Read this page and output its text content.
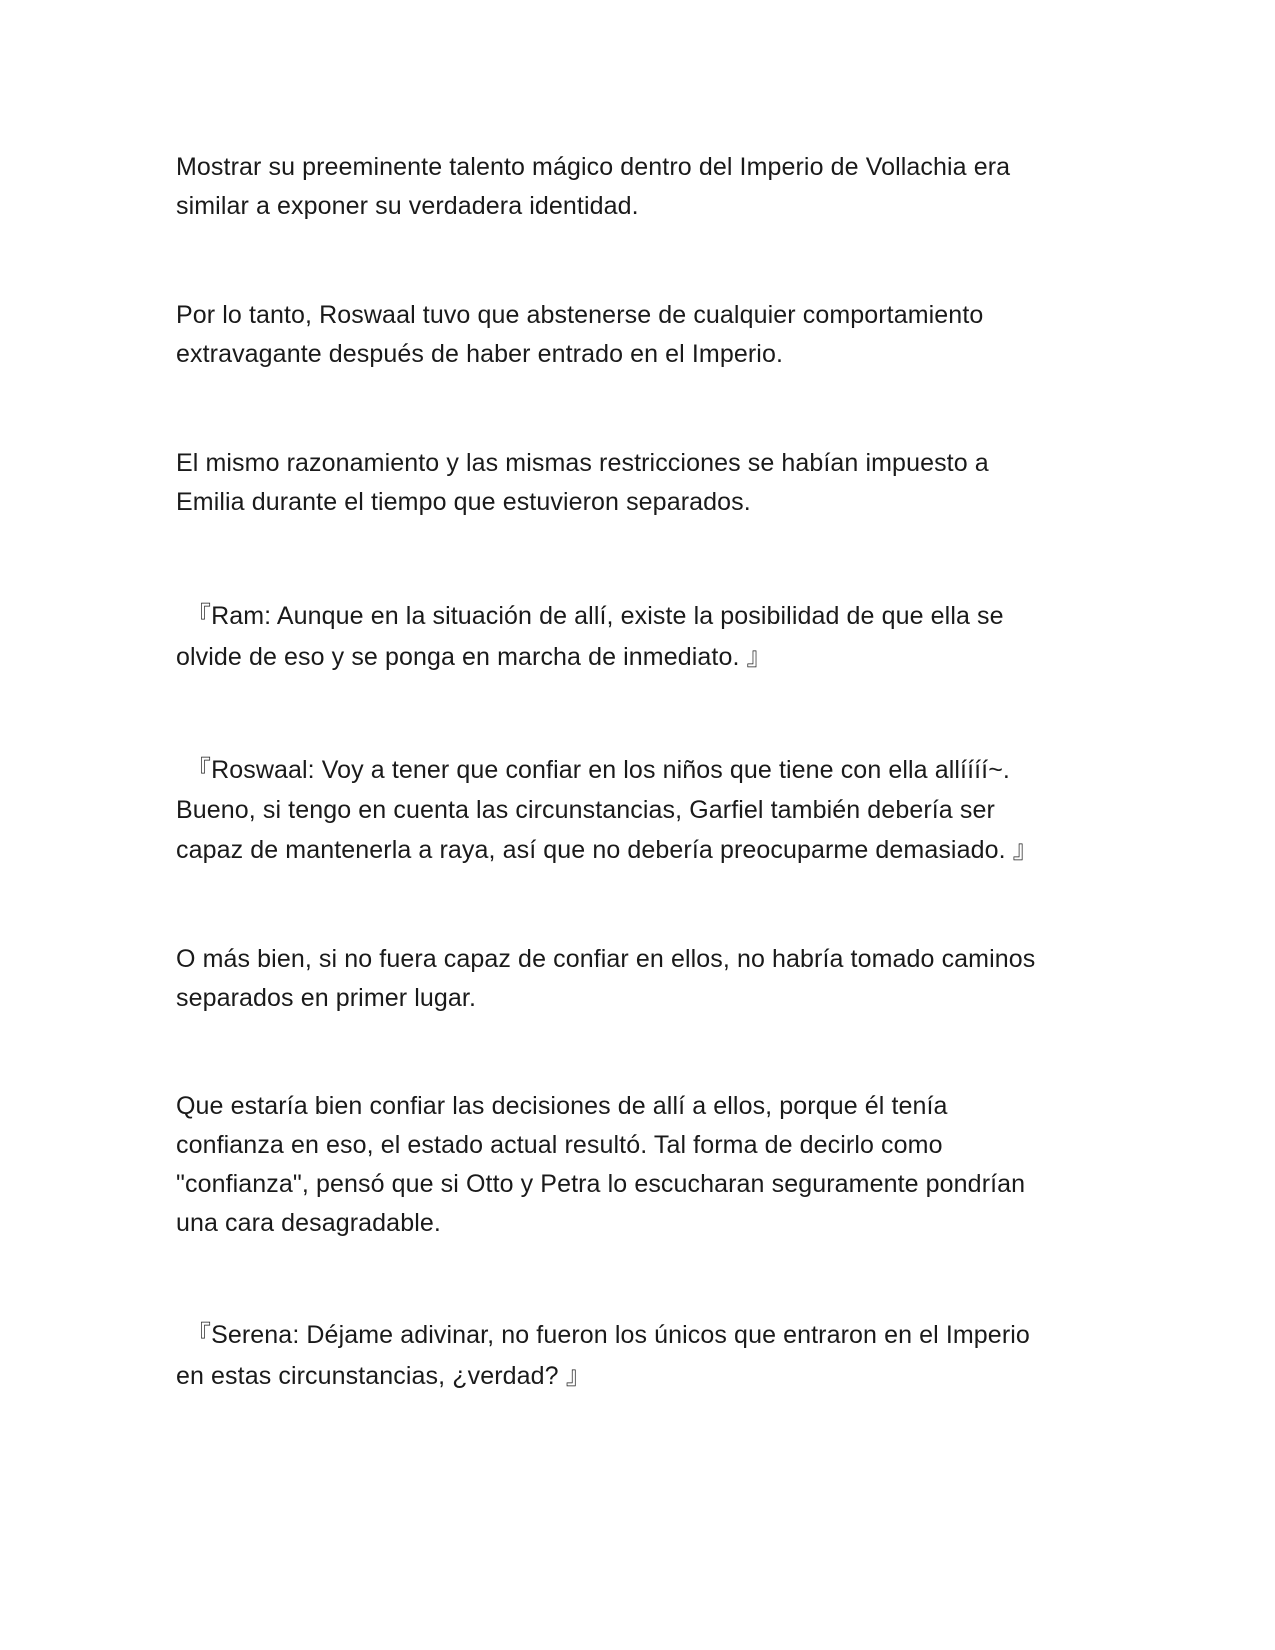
Mostrar su preeminente talento mágico dentro del Imperio de Vollachia era
similar a exponer su verdadera identidad.

Por lo tanto, Roswaal tuvo que abstenerse de cualquier comportamiento
extravagante después de haber entrado en el Imperio.

El mismo razonamiento y las mismas restricciones se habían impuesto a
Emilia durante el tiempo que estuvieron separados.

『Ram: Aunque en la situación de allí, existe la posibilidad de que ella se
olvide de eso y se ponga en marcha de inmediato. 』

『Roswaal: Voy a tener que confiar en los niños que tiene con ella allíííí~.
Bueno, si tengo en cuenta las circunstancias, Garfiel también debería ser
capaz de mantenerla a raya, así que no debería preocuparme demasiado. 』

O más bien, si no fuera capaz de confiar en ellos, no habría tomado caminos
separados en primer lugar.

Que estaría bien confiar las decisiones de allí a ellos, porque él tenía
confianza en eso, el estado actual resultó. Tal forma de decirlo como
"confianza", pensó que si Otto y Petra lo escucharan seguramente pondrían
una cara desagradable.

『Serena: Déjame adivinar, no fueron los únicos que entraron en el Imperio
en estas circunstancias, ¿verdad? 』
